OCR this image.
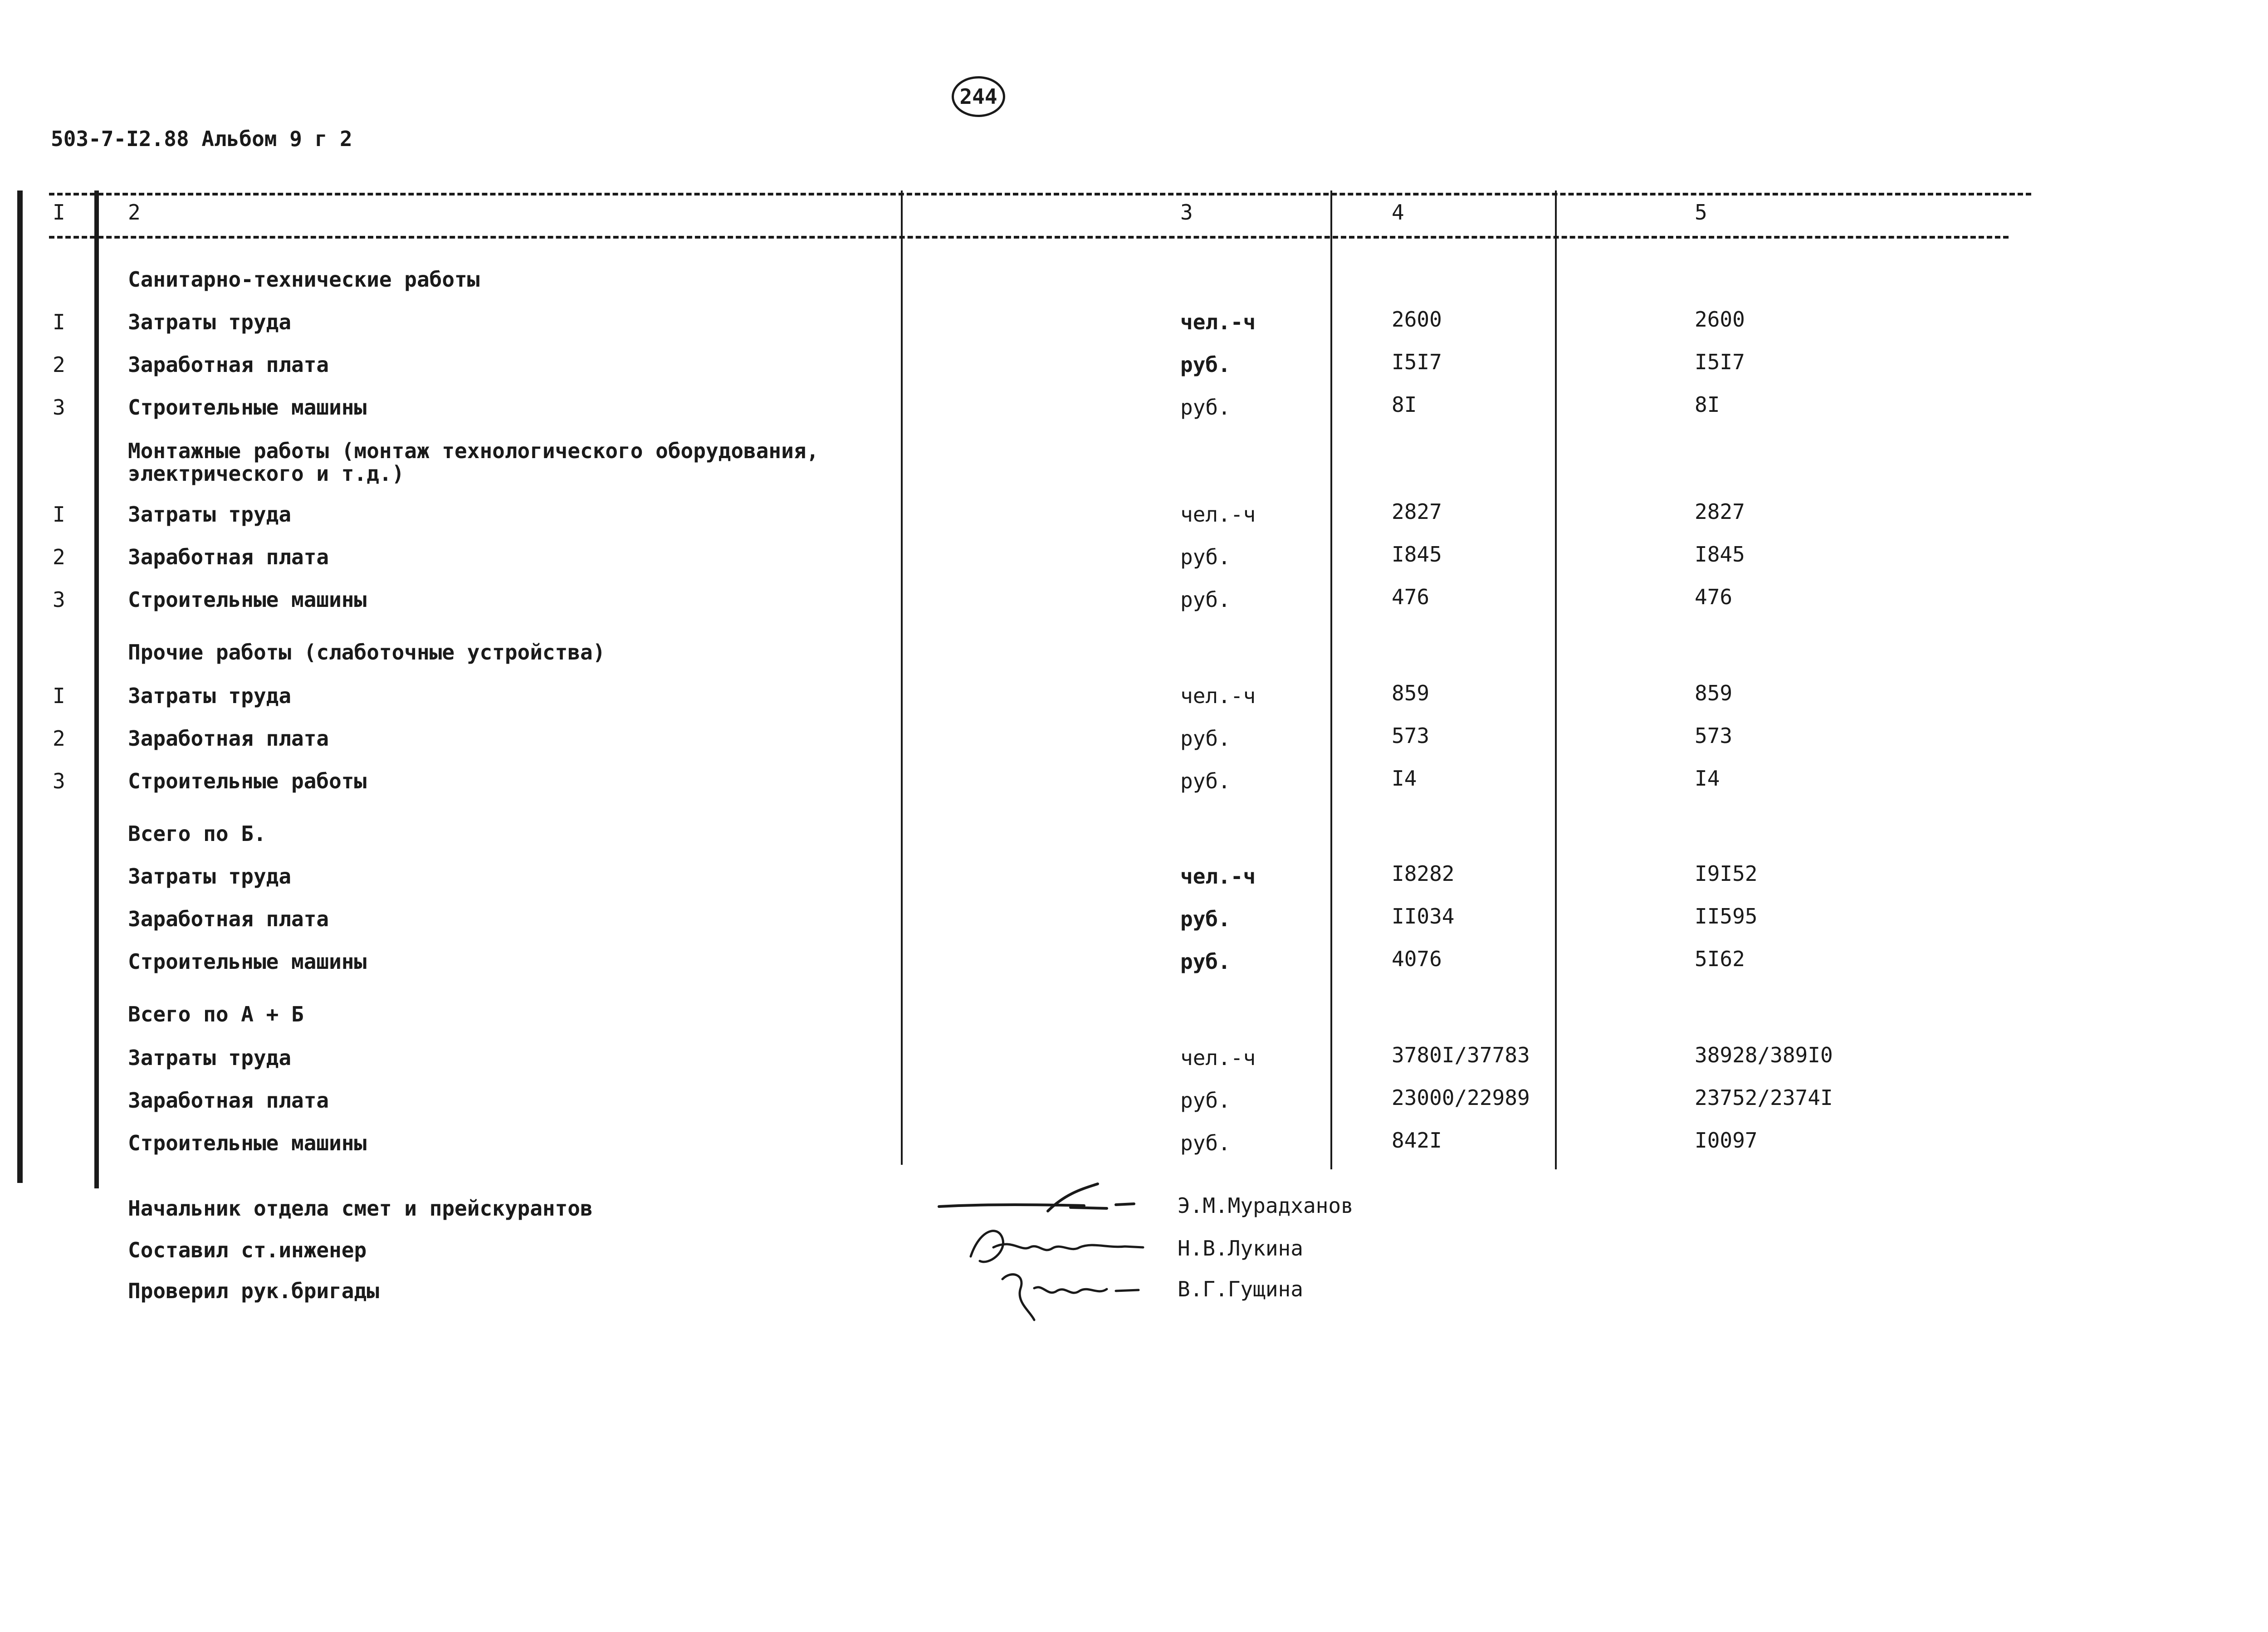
244
503-7-I2.88 Альбом 9 г 2
I	2	3	4	5
Санитарно-технические работы
I	Затраты труда	чел.-ч	2600	2600
2	Заработная плата	руб.	I5I7	I5I7
3	Строительные машины	руб.	8I	8I
Монтажные работы (монтаж технологического оборудования,
электрического и т.д.)
I	Затраты труда	чел.-ч	2827	2827
2	Заработная плата	руб.	I845	I845
3	Строительные машины	руб.	476	476
Прочие работы (слаботочные устройства)
I	Затраты труда	чел.-ч	859	859
2	Заработная плата	руб.	573	573
3	Строительные работы	руб.	I4	I4
Всего по Б.
Затраты труда	чел.-ч	I8282	I9I52
Заработная плата	руб.	II034	II595
Строительные машины	руб.	4076	5I62
Всего по А + Б
Затраты труда	чел.-ч	3780I/37783	38928/389I0
Заработная плата	руб.	23000/22989	23752/2374I
Строительные машины	руб.	842I	I0097
Начальник отдела смет и прейскурантов	Э.М.Мурадханов
Составил ст.инженер	Н.В.Лукина
Проверил рук.бригады	В.Г.Гущина
